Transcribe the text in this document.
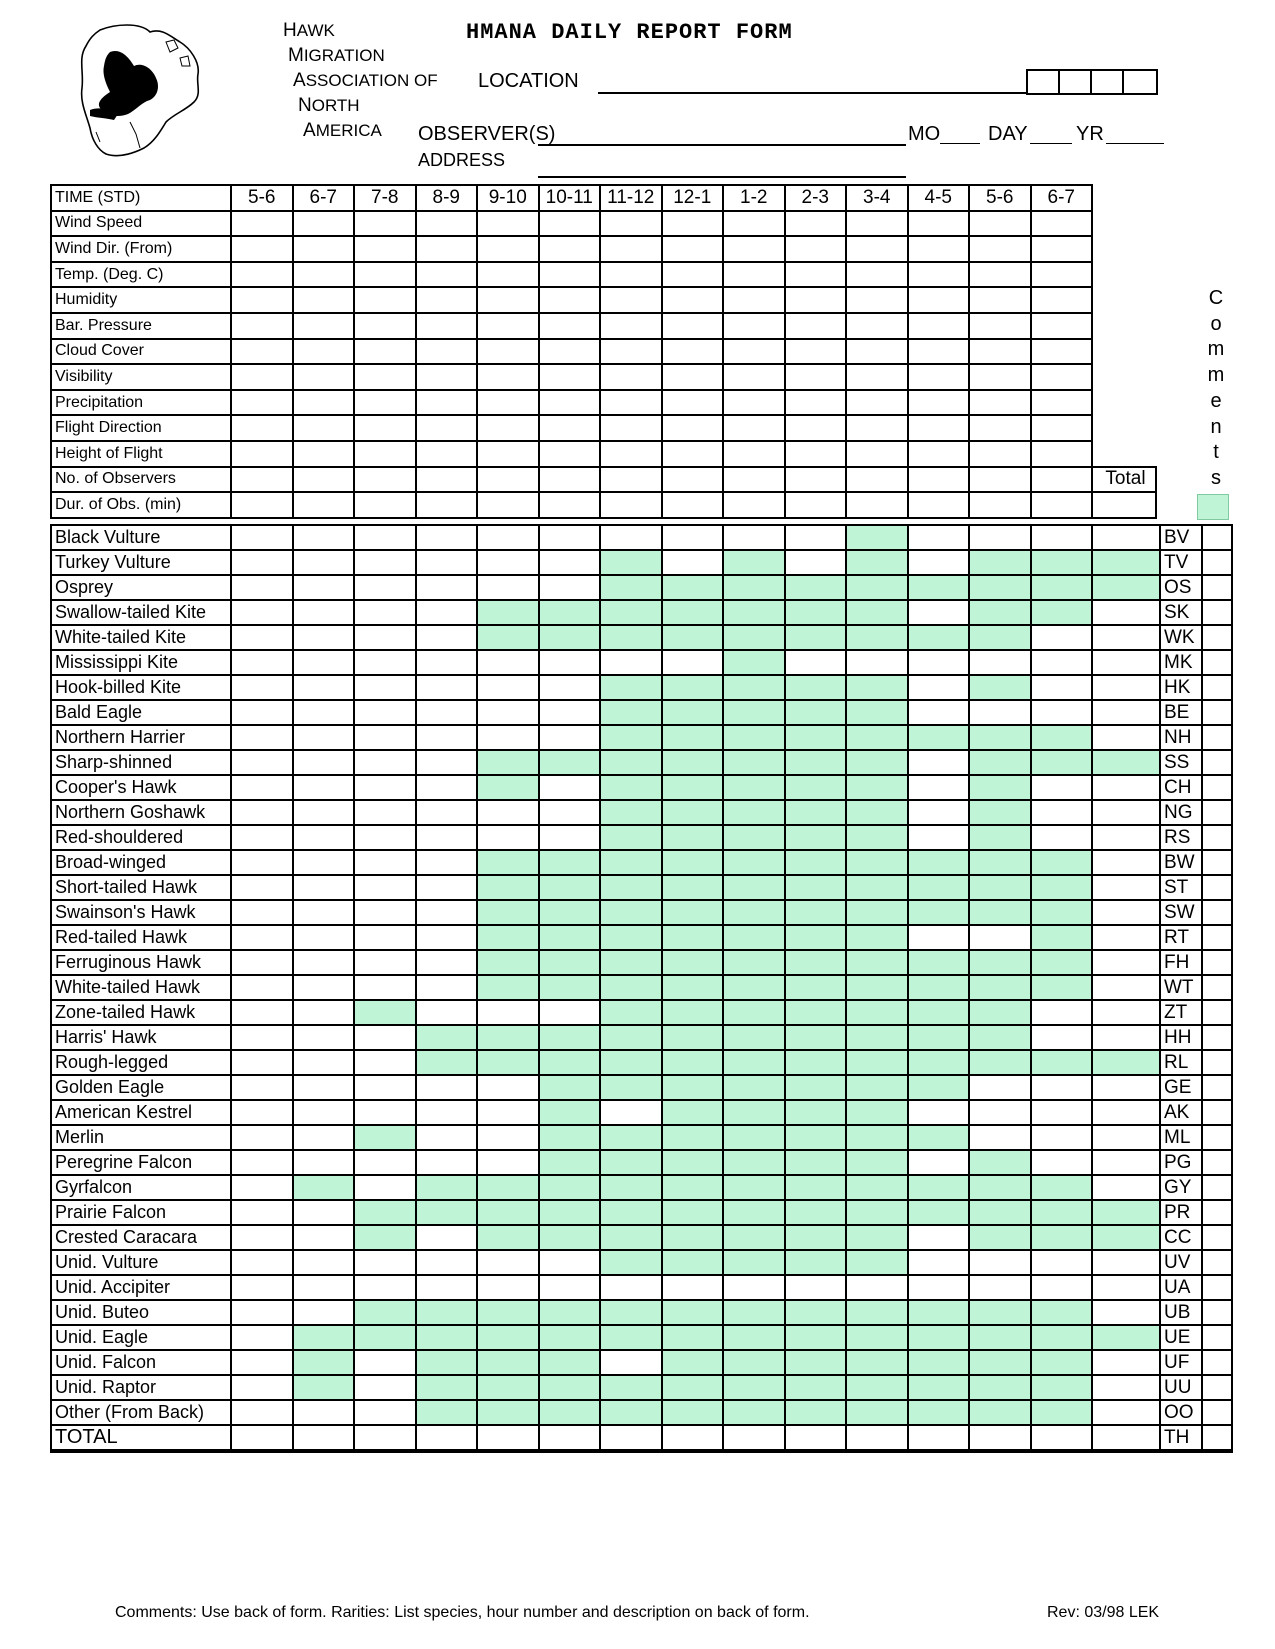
HAWK
MIGRATION
ASSOCIATION OF
NORTH
AMERICA
HMANA DAILY REPORT FORM
LOCATION
OBSERVER(S)	MO DAY YR
ADDRESS
TIME (STD)	5-6	6-7	7-8	8-9	9-10	10-11	11-12	12-1	1-2	2-3	3-4	4-5	5-6	6-7	
Wind Speed															
Wind Dir. (From)															
Temp. (Deg. C)															
Humidity															
Bar. Pressure															
Cloud Cover															
Visibility															
Precipitation															
Flight Direction															
Height of Flight															
No. of Observers															Total
Dur. of Obs. (min)															
C
o
m
m
e
n
t
s
Black Vulture																BV	
Turkey Vulture																TV	
Osprey																OS	
Swallow-tailed Kite																SK	
White-tailed Kite																WK	
Mississippi Kite																MK	
Hook-billed Kite																HK	
Bald Eagle																BE	
Northern Harrier																NH	
Sharp-shinned																SS	
Cooper's Hawk																CH	
Northern Goshawk																NG	
Red-shouldered																RS	
Broad-winged																BW	
Short-tailed Hawk																ST	
Swainson's Hawk																SW	
Red-tailed Hawk																RT	
Ferruginous Hawk																FH	
White-tailed Hawk																WT	
Zone-tailed Hawk																ZT	
Harris' Hawk																HH	
Rough-legged																RL	
Golden Eagle																GE	
American Kestrel																AK	
Merlin																ML	
Peregrine Falcon																PG	
Gyrfalcon																GY	
Prairie Falcon																PR	
Crested Caracara																CC	
Unid. Vulture																UV	
Unid. Accipiter																UA	
Unid. Buteo																UB	
Unid. Eagle																UE	
Unid. Falcon																UF	
Unid. Raptor																UU	
Other (From Back)																OO	
TOTAL																TH	
Comments: Use back of form. Rarities: List species, hour number and description on back of form.	Rev: 03/98 LEK
